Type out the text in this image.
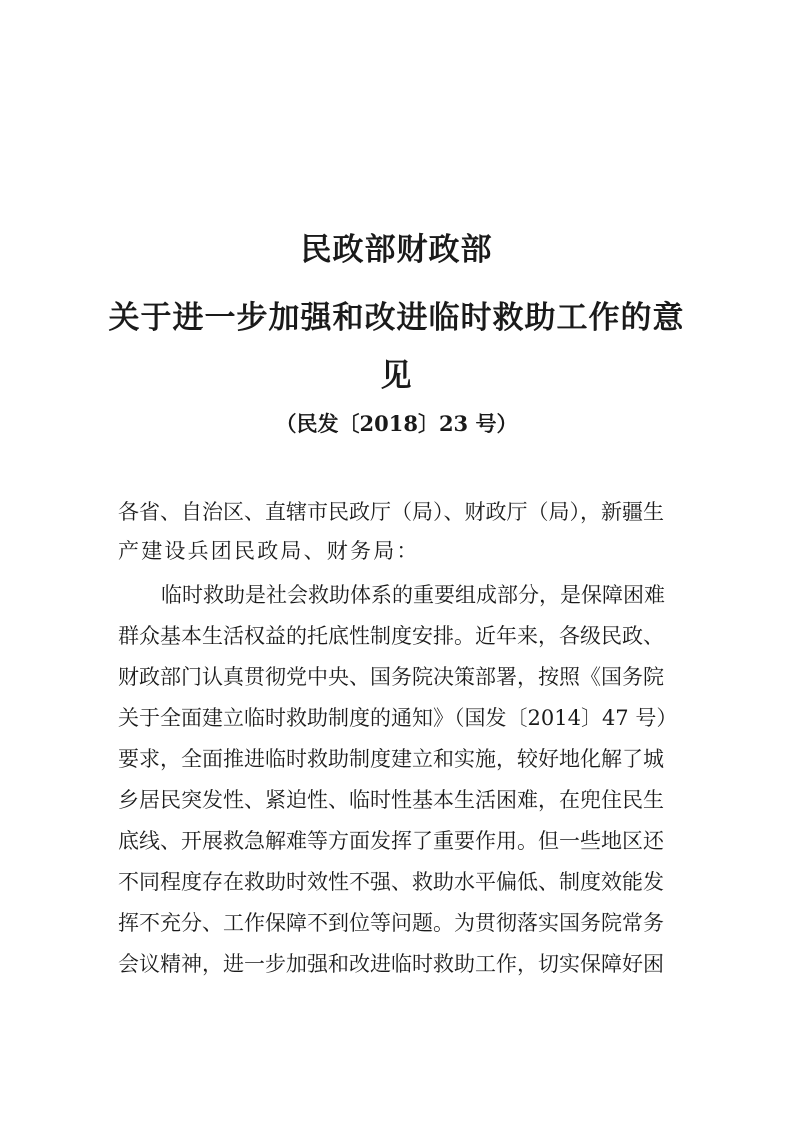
民政部财政部
关于进一步加强和改进临时救助工作的意
见
（民发〔2018〕23 号）
各省、自治区、直辖市民政厅（局）、财政厅（局），新疆生
产建设兵团民政局、财务局：
临时救助是社会救助体系的重要组成部分，是保障困难
群众基本生活权益的托底性制度安排。近年来，各级民政、
财政部门认真贯彻党中央、国务院决策部署，按照《国务院
关于全面建立临时救助制度的通知》（国发〔2014〕47 号）
要求，全面推进临时救助制度建立和实施，较好地化解了城
乡居民突发性、紧迫性、临时性基本生活困难，在兜住民生
底线、开展救急解难等方面发挥了重要作用。但一些地区还
不同程度存在救助时效性不强、救助水平偏低、制度效能发
挥不充分、工作保障不到位等问题。为贯彻落实国务院常务
会议精神，进一步加强和改进临时救助工作，切实保障好困
